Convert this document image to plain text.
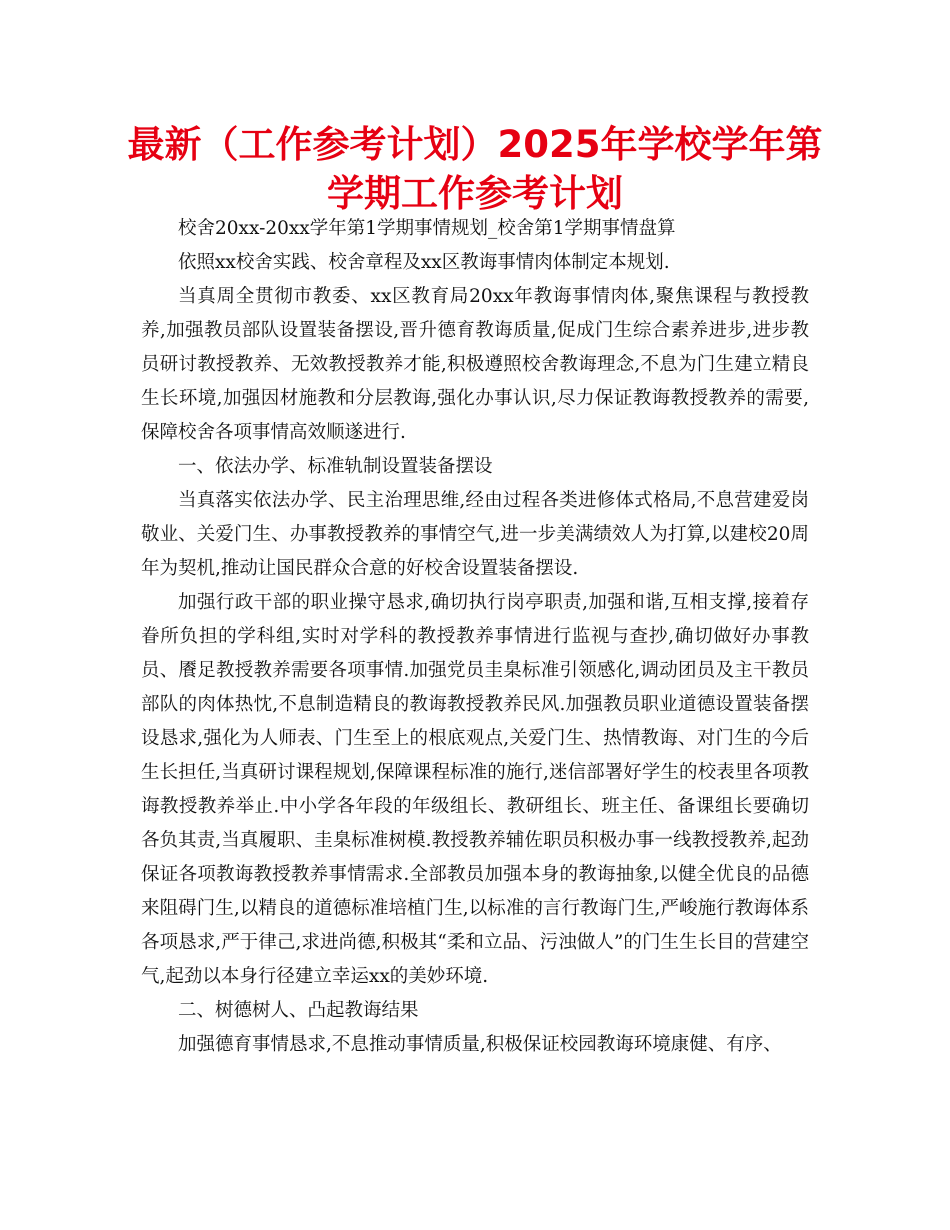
最新（工作参考计划）2025年学校学年第学期工作参考计划

校舍20xx-20xx学年第1学期事情规划_校舍第1学期事情盘算

依照xx校舍实践、校舍章程及xx区教诲事情肉体制定本规划.

当真周全贯彻市教委、xx区教育局20xx年教诲事情肉体,聚焦课程与教授教养,加强教员部队设置装备摆设,晋升德育教诲质量,促成门生综合素养进步,进步教员研讨教授教养、无效教授教养才能,积极遵照校舍教诲理念,不息为门生建立精良生长环境,加强因材施教和分层教诲,强化办事认识,尽力保证教诲教授教养的需要,保障校舍各项事情高效顺遂进行.

一、依法办学、标准轨制设置装备摆设

当真落实依法办学、民主治理思维,经由过程各类进修体式格局,不息营建爱岗敬业、关爱门生、办事教授教养的事情空气,进一步美满绩效人为打算,以建校20周年为契机,推动让国民群众合意的好校舍设置装备摆设.

加强行政干部的职业操守恳求,确切执行岗亭职责,加强和谐,互相支撑,接着存眷所负担的学科组,实时对学科的教授教养事情进行监视与查抄,确切做好办事教员、餍足教授教养需要各项事情.加强党员圭臬标准引领感化,调动团员及主干教员部队的肉体热忱,不息制造精良的教诲教授教养民风.加强教员职业道德设置装备摆设恳求,强化为人师表、门生至上的根底观点,关爱门生、热情教诲、对门生的今后生长担任,当真研讨课程规划,保障课程标准的施行,迷信部署好学生的校表里各项教诲教授教养举止.中小学各年段的年级组长、教研组长、班主任、备课组长要确切各负其责,当真履职、圭臬标准树模.教授教养辅佐职员积极办事一线教授教养,起劲保证各项教诲教授教养事情需求.全部教员加强本身的教诲抽象,以健全优良的品德来阻碍门生,以精良的道德标准培植门生,以标准的言行教诲门生,严峻施行教诲体系各项恳求,严于律己,求进尚德,积极其“柔和立品、污浊做人”的门生生长目的营建空气,起劲以本身行径建立幸运xx的美妙环境.

二、树德树人、凸起教诲结果

加强德育事情恳求,不息推动事情质量,积极保证校园教诲环境康健、有序、
